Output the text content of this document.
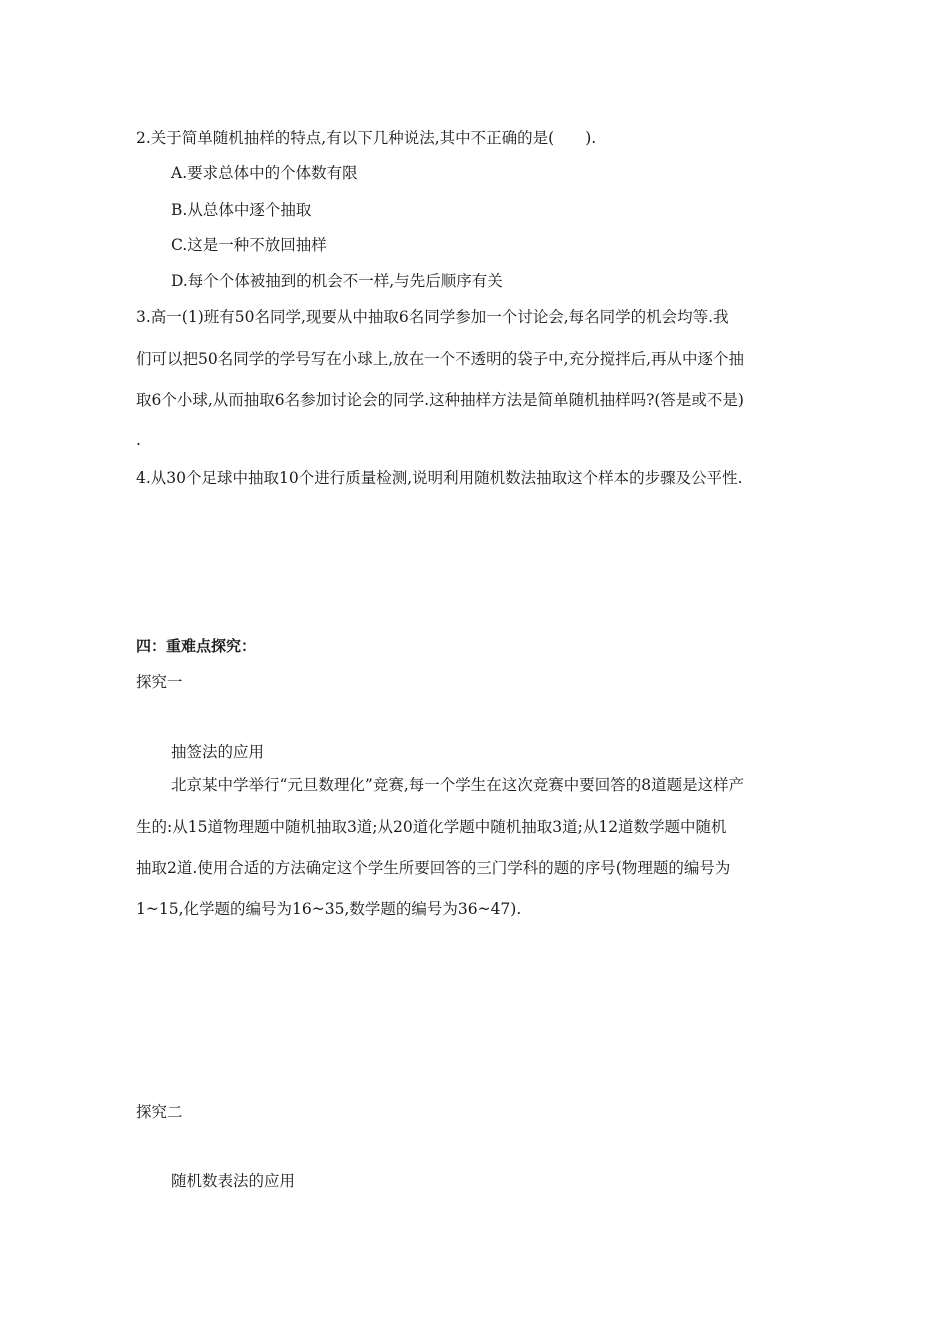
2.关于简单随机抽样的特点,有以下几种说法,其中不正确的是(　　).
A.要求总体中的个体数有限
B.从总体中逐个抽取
C.这是一种不放回抽样
D.每个个体被抽到的机会不一样,与先后顺序有关
3.高一(1)班有50名同学,现要从中抽取6名同学参加一个讨论会,每名同学的机会均等.我
们可以把50名同学的学号写在小球上,放在一个不透明的袋子中,充分搅拌后,再从中逐个抽
取6个小球,从而抽取6名参加讨论会的同学.这种抽样方法是简单随机抽样吗?(答是或不是)
.
4.从30个足球中抽取10个进行质量检测,说明利用随机数法抽取这个样本的步骤及公平性.
四：重难点探究：
探究一
抽签法的应用
北京某中学举行“元旦数理化”竞赛,每一个学生在这次竞赛中要回答的8道题是这样产
生的:从15道物理题中随机抽取3道;从20道化学题中随机抽取3道;从12道数学题中随机
抽取2道.使用合适的方法确定这个学生所要回答的三门学科的题的序号(物理题的编号为
1~15,化学题的编号为16~35,数学题的编号为36~47).
探究二
随机数表法的应用
